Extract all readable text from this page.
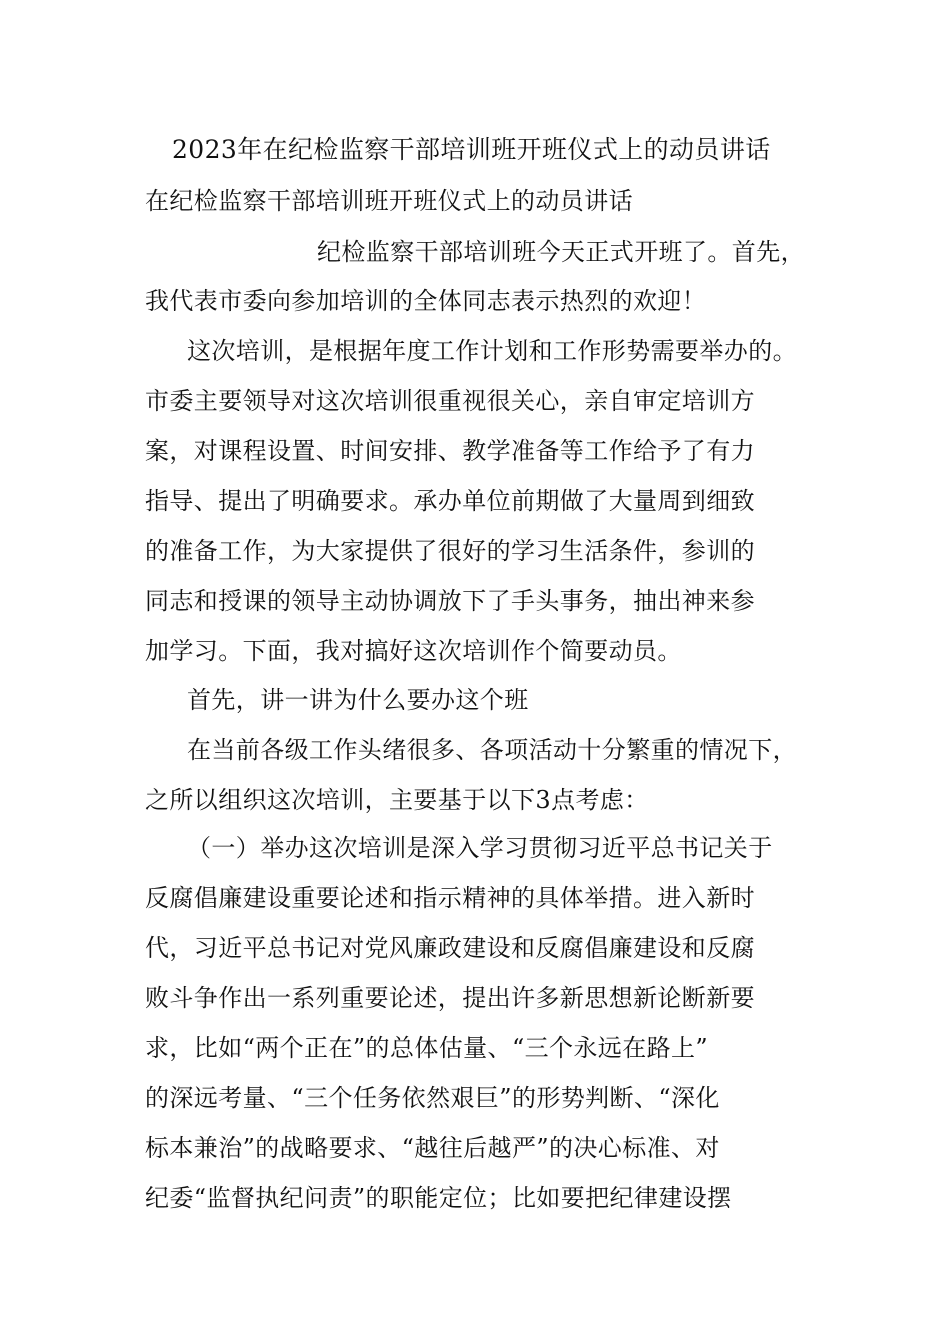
2023年在纪检监察干部培训班开班仪式上的动员讲话
在纪检监察干部培训班开班仪式上的动员讲话
纪检监察干部培训班今天正式开班了。首先，
我代表市委向参加培训的全体同志表示热烈的欢迎！
这次培训，是根据年度工作计划和工作形势需要举办的。
市委主要领导对这次培训很重视很关心，亲自审定培训方
案，对课程设置、时间安排、教学准备等工作给予了有力
指导、提出了明确要求。承办单位前期做了大量周到细致
的准备工作，为大家提供了很好的学习生活条件，参训的
同志和授课的领导主动协调放下了手头事务，抽出神来参
加学习。下面，我对搞好这次培训作个简要动员。
首先，讲一讲为什么要办这个班
在当前各级工作头绪很多、各项活动十分繁重的情况下，
之所以组织这次培训，主要基于以下3点考虑：
（一）举办这次培训是深入学习贯彻习近平总书记关于
反腐倡廉建设重要论述和指示精神的具体举措。进入新时
代，习近平总书记对党风廉政建设和反腐倡廉建设和反腐
败斗争作出一系列重要论述，提出许多新思想新论断新要
求，比如“两个正在”的总体估量、“三个永远在路上”
的深远考量、“三个任务依然艰巨”的形势判断、“深化
标本兼治”的战略要求、“越往后越严”的决心标准、对
纪委“监督执纪问责”的职能定位；比如要把纪律建设摆
